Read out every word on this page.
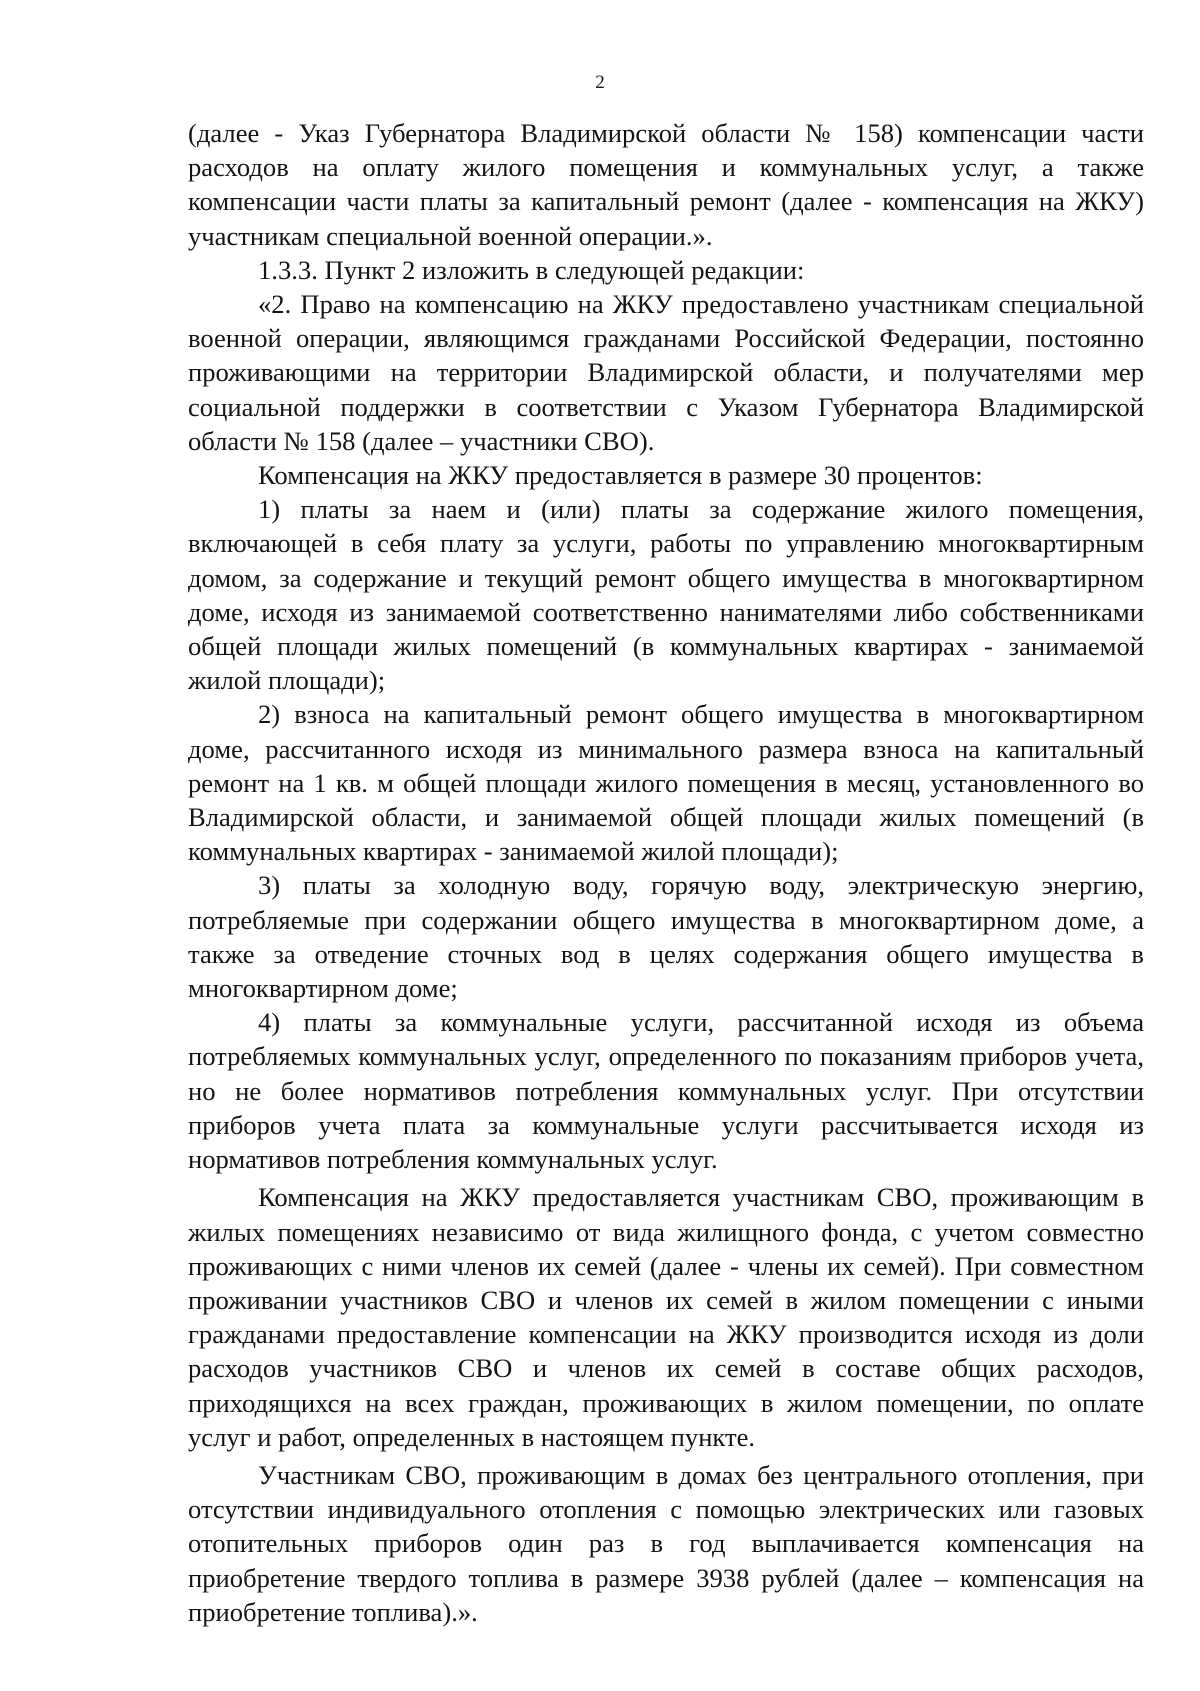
2

(далее - Указ Губернатора Владимирской области № 158) компенсации части расходов на оплату жилого помещения и коммунальных услуг, а также компенсации части платы за капитальный ремонт (далее - компенсация на ЖКУ) участникам специальной военной операции.».

1.3.3. Пункт 2 изложить в следующей редакции:

«2. Право на компенсацию на ЖКУ предоставлено участникам специальной военной операции, являющимся гражданами Российской Федерации, постоянно проживающими на территории Владимирской области, и получателями мер социальной поддержки в соответствии с Указом Губернатора Владимирской области № 158 (далее – участники СВО).

Компенсация на ЖКУ предоставляется в размере 30 процентов:

1) платы за наем и (или) платы за содержание жилого помещения, включающей в себя плату за услуги, работы по управлению многоквартирным домом, за содержание и текущий ремонт общего имущества в многоквартирном доме, исходя из занимаемой соответственно нанимателями либо собственниками общей площади жилых помещений (в коммунальных квартирах - занимаемой жилой площади);

2) взноса на капитальный ремонт общего имущества в многоквартирном доме, рассчитанного исходя из минимального размера взноса на капитальный ремонт на 1 кв. м общей площади жилого помещения в месяц, установленного во Владимирской области, и занимаемой общей площади жилых помещений (в коммунальных квартирах - занимаемой жилой площади);

3) платы за холодную воду, горячую воду, электрическую энергию, потребляемые при содержании общего имущества в многоквартирном доме, а также за отведение сточных вод в целях содержания общего имущества в многоквартирном доме;

4) платы за коммунальные услуги, рассчитанной исходя из объема потребляемых коммунальных услуг, определенного по показаниям приборов учета, но не более нормативов потребления коммунальных услуг. При отсутствии приборов учета плата за коммунальные услуги рассчитывается исходя из нормативов потребления коммунальных услуг.

Компенсация на ЖКУ предоставляется участникам СВО, проживающим в жилых помещениях независимо от вида жилищного фонда, с учетом совместно проживающих с ними членов их семей (далее - члены их семей). При совместном проживании участников СВО и членов их семей в жилом помещении с иными гражданами предоставление компенсации на ЖКУ производится исходя из доли расходов участников СВО и членов их семей в составе общих расходов, приходящихся на всех граждан, проживающих в жилом помещении, по оплате услуг и работ, определенных в настоящем пункте.

Участникам СВО, проживающим в домах без центрального отопления, при отсутствии индивидуального отопления с помощью электрических или газовых отопительных приборов один раз в год выплачивается компенсация на приобретение твердого топлива в размере 3938 рублей (далее – компенсация на приобретение топлива).».
